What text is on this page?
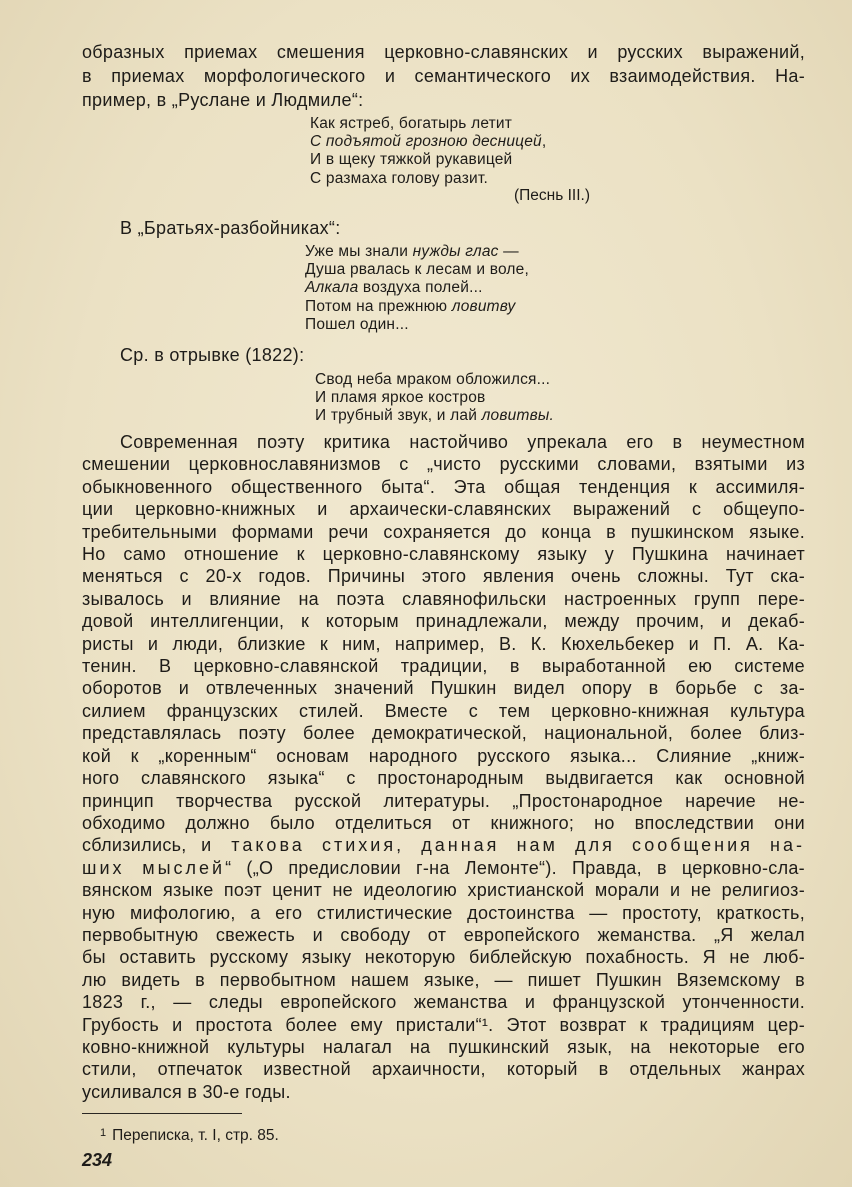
образных приемах смешения церковно-славянских и русских выражений,
в приемах морфологического и семантического их взаимодействия. На-
пример, в „Руслане и Людмиле“:
Как ястреб, богатырь летит
С подъятой грозною десницей,
И в щеку тяжкой рукавицей
С размаха голову разит.
(Песнь III.)
В „Братьях-разбойниках“:
Уже мы знали нужды глас —
Душа рвалась к лесам и воле,
Алкала воздуха полей...
Потом на прежнюю ловитву
Пошел один...
Ср. в отрывке (1822):
Свод неба мраком обложился...
И пламя яркое костров
И трубный звук, и лай ловитвы.
Современная поэту критика настойчиво упрекала его в неуместном
смешении церковнославянизмов с „чисто русскими словами, взятыми из
обыкновенного общественного быта“. Эта общая тенденция к ассимиля-
ции церковно-книжных и архаически-славянских выражений с общеупо-
требительными формами речи сохраняется до конца в пушкинском языке.
Но само отношение к церковно-славянскому языку у Пушкина начинает
меняться с 20-х годов. Причины этого явления очень сложны. Тут ска-
зывалось и влияние на поэта славянофильски настроенных групп пере-
довой интеллигенции, к которым принадлежали, между прочим, и декаб-
ристы и люди, близкие к ним, например, В. К. Кюхельбекер и П. А. Ка-
тенин. В церковно-славянской традиции, в выработанной ею системе
оборотов и отвлеченных значений Пушкин видел опору в борьбе с за-
силием французских стилей. Вместе с тем церковно-книжная культура
представлялась поэту более демократической, национальной, более близ-
кой к „коренным“ основам народного русского языка... Слияние „книж-
ного славянского языка“ с простонародным выдвигается как основной
принцип творчества русской литературы. „Простонародное наречие не-
обходимо должно было отделиться от книжного; но впоследствии они
сблизились, и такова стихия, данная нам для сообщения на-
ших мыслей“ („О предисловии г-на Лемонте“). Правда, в церковно-сла-
вянском языке поэт ценит не идеологию христианской морали и не религиоз-
ную мифологию, а его стилистические достоинства — простоту, краткость,
первобытную свежесть и свободу от европейского жеманства. „Я желал
бы оставить русскому языку некоторую библейскую похабность. Я не люб-
лю видеть в первобытном нашем языке, — пишет Пушкин Вяземскому в
1823 г., — следы европейского жеманства и французской утонченности.
Грубость и простота более ему пристали“¹. Этот возврат к традициям цер-
ковно-книжной культуры налагал на пушкинский язык, на некоторые его
стили, отпечаток известной архаичности, который в отдельных жанрах
усиливался в 30-е годы.
$^1$ Переписка, т. I, стр. 85.
234
